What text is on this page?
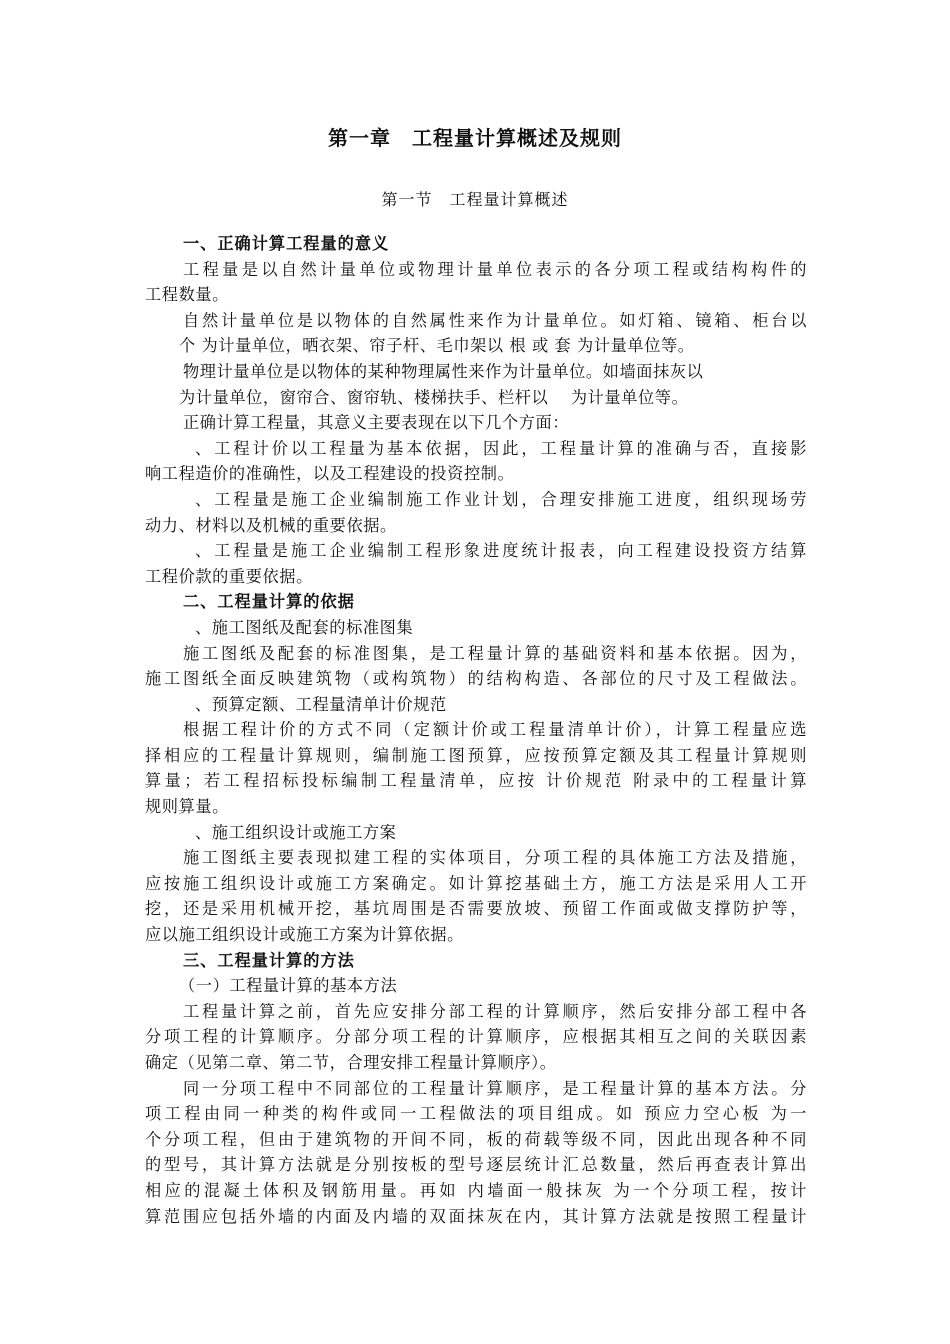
第一章　工程量计算概述及规则
第一节　工程量计算概述
一、正确计算工程量的意义
工程量是以自然计量单位或物理计量单位表示的各分项工程或结构构件的
工程数量。
自然计量单位是以物体的自然属性来作为计量单位。如灯箱、镜箱、柜台以
个 为计量单位，晒衣架、帘子杆、毛巾架以 根 或 套 为计量单位等。
物理计量单位是以物体的某种物理属性来作为计量单位。如墙面抹灰以
为计量单位，窗帘合、窗帘轨、楼梯扶手、栏杆以　 为计量单位等。
正确计算工程量，其意义主要表现在以下几个方面：
、工程计价以工程量为基本依据，因此，工程量计算的准确与否，直接影
响工程造价的准确性，以及工程建设的投资控制。
、工程量是施工企业编制施工作业计划，合理安排施工进度，组织现场劳
动力、材料以及机械的重要依据。
、工程量是施工企业编制工程形象进度统计报表，向工程建设投资方结算
工程价款的重要依据。
二、工程量计算的依据
、施工图纸及配套的标准图集
施工图纸及配套的标准图集，是工程量计算的基础资料和基本依据。因为，
施工图纸全面反映建筑物（或构筑物）的结构构造、各部位的尺寸及工程做法。
、预算定额、工程量清单计价规范
根据工程计价的方式不同（定额计价或工程量清单计价），计算工程量应选
择相应的工程量计算规则，编制施工图预算，应按预算定额及其工程量计算规则
算量；若工程招标投标编制工程量清单，应按 计价规范 附录中的工程量计算
规则算量。
、施工组织设计或施工方案
施工图纸主要表现拟建工程的实体项目，分项工程的具体施工方法及措施，
应按施工组织设计或施工方案确定。如计算挖基础土方，施工方法是采用人工开
挖，还是采用机械开挖，基坑周围是否需要放坡、预留工作面或做支撑防护等，
应以施工组织设计或施工方案为计算依据。
三、工程量计算的方法
（一）工程量计算的基本方法
工程量计算之前，首先应安排分部工程的计算顺序，然后安排分部工程中各
分项工程的计算顺序。分部分项工程的计算顺序，应根据其相互之间的关联因素
确定（见第二章、第二节，合理安排工程量计算顺序）。
同一分项工程中不同部位的工程量计算顺序，是工程量计算的基本方法。分
项工程由同一种类的构件或同一工程做法的项目组成。如 预应力空心板 为一
个分项工程，但由于建筑物的开间不同，板的荷载等级不同，因此出现各种不同
的型号，其计算方法就是分别按板的型号逐层统计汇总数量，然后再查表计算出
相应的混凝土体积及钢筋用量。再如 内墙面一般抹灰 为一个分项工程，按计
算范围应包括外墙的内面及内墙的双面抹灰在内，其计算方法就是按照工程量计
